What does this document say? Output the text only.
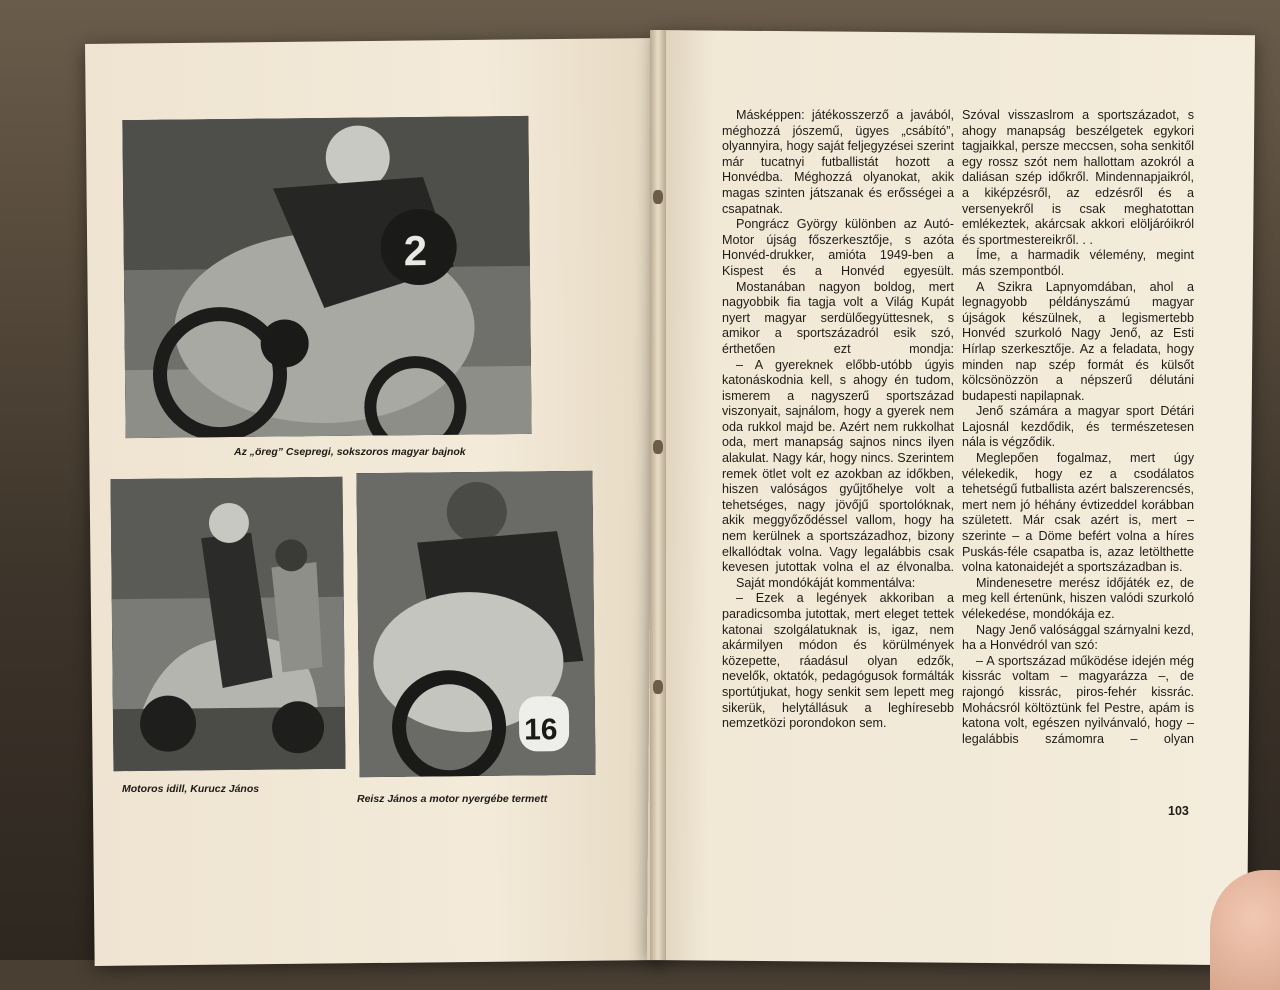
2
Az „öreg” Csepregi, sokszoros magyar bajnok
Motoros idill, Kurucz János
16
Reisz János a motor nyergébe termett

Másképpen: játékosszerző a javából, méghozzá jószemű, ügyes „csábító”, olyannyira, hogy saját feljegyzései szerint már tucatnyi futballistát hozott a Honvédba. Méghozzá olyanokat, akik magas szinten játszanak és erősségei a csapatnak.

Pongrácz György különben az Autó-Motor újság főszerkesztője, s azóta Honvéd-drukker, amióta 1949-ben a Kispest és a Honvéd egyesült.

Mostanában nagyon boldog, mert nagyobbik fia tagja volt a Világ Kupát nyert magyar serdülőegyüttesnek, s amikor a sportszázadról esik szó, érthetően ezt mondja:

– A gyereknek előbb-utóbb úgyis katonáskodnia kell, s ahogy én tudom, ismerem a nagyszerű sportszázad viszonyait, sajnálom, hogy a gyerek nem oda rukkol majd be. Azért nem rukkolhat oda, mert manapság sajnos nincs ilyen alakulat. Nagy kár, hogy nincs. Szerintem remek ötlet volt ez azokban az időkben, hiszen valóságos gyűjtőhelye volt a tehetséges, nagy jövőjű sportolóknak, akik meggyőződéssel vallom, hogy ha nem kerülnek a sportszázadhoz, bizony elkallódtak volna. Vagy legalábbis csak kevesen jutottak volna el az élvonalba.

Saját mondókáját kommentálva:

– Ezek a legények akkoriban a paradicsomba jutottak, mert eleget tettek katonai szolgálatuknak is, igaz, nem akármilyen módon és körülmények közepette, ráadásul olyan edzők, nevelők, oktatók, pedagógusok formálták sportútjukat, hogy senkit sem lepett meg sikerük, helytállásuk a leghíresebb nemzetközi porondokon sem.

Szóval visszaslrom a sportszázadot, s ahogy manapság beszélgetek egykori tagjaikkal, persze meccsen, soha senkitől egy rossz szót nem hallottam azokról a daliásan szép időkről. Mindennapjaikról, a kiképzésről, az edzésről és a versenyekről is csak meghatottan emlékeztek, akárcsak akkori elöljáróikról és sportmestereikről. . .

Íme, a harmadik vélemény, megint más szempontból.

A Szikra Lapnyomdában, ahol a legnagyobb példányszámú magyar újságok készülnek, a legismertebb Honvéd szurkoló Nagy Jenő, az Esti Hírlap szerkesztője. Az a feladata, hogy minden nap szép formát és külsőt kölcsönözzön a népszerű délutáni budapesti napilapnak.

Jenő számára a magyar sport Détári Lajosnál kezdődik, és természetesen nála is végződik.

Meglepően fogalmaz, mert úgy vélekedik, hogy ez a csodálatos tehetségű futballista azért balszerencsés, mert nem jó héhány évtizeddel korábban született. Már csak azért is, mert – szerinte – a Döme befért volna a híres Puskás-féle csapatba is, azaz letölthette volna katonaidejét a sportszázadban is.

Mindenesetre merész időjáték ez, de meg kell értenünk, hiszen valódi szurkoló vélekedése, mondókája ez.

Nagy Jenő valósággal szárnyalni kezd, ha a Honvédról van szó:

– A sportszázad működése idején még kissrác voltam – magyarázza –, de rajongó kissrác, piros-fehér kissrác. Mohácsról költöztünk fel Pestre, apám is katona volt, egészen nyilvánvaló, hogy – legalábbis számomra – olyan

103
